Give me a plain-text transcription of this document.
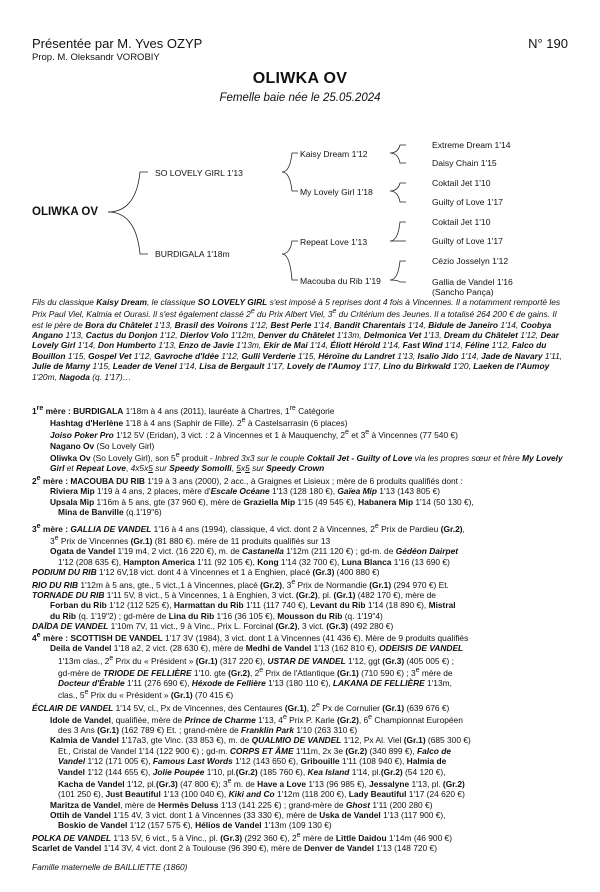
Présentée par M. Yves OZYP
Prop. M. Oleksandr VOROBIY
N° 190
OLIWKA OV
Femelle baie née le 25.05.2024
OLIWKA OV
SO LOVELY GIRL 1'13
BURDIGALA 1'18m
Kaisy Dream 1'12
My Lovely Girl 1'18
Repeat Love 1'13
Macouba du Rib 1'19
Extreme Dream 1'14
Daisy Chain 1'15
Coktail Jet 1'10
Guilty of Love 1'17
Coktail Jet 1'10
Guilty of Love 1'17
Cézio Josselyn 1'12
Gallia de Vandel 1'16
(Sancho Pança)

Fils du classique Kaisy Dream, le classique SO LOVELY GIRL s'est imposé à 5 reprises dont 4 fois à Vincennes. Il a notamment remporté les Prix Paul Viel, Kalmia et Ourasi. Il s'est également classé 2e du Prix Albert Viel, 3e du Critérium des Jeunes. Il a totalisé 264 200 € de gains. Il est le père de Bora du Châtelet 1'13, Brasil des Voirons 1'12, Best Perle 1'14, Bandit Charentais 1'14, Bidule de Janeiro 1'14, Coobya Angano 1'13, Cactus du Donjon 1'12, Dierlov Volo 1'12m, Denver du Châtelet 1'13m, Delmonica Vet 1'13, Dream du Châtelet 1'12, Dear Lovely Girl 1'14, Don Humberto 1'13, Enzo de Javie 1'13m, Ekir de Mai 1'14, Éliott Hérold 1'14, Fast Wind 1'14, Féline 1'12, Falco du Bouillon 1'15, Gospel Vet 1'12, Gavroche d'Idée 1'12, Gulli Verderie 1'15, Héroïne du Landret 1'13, Isalio Jido 1'14, Jade de Navary 1'11, Julie de Marny 1'15, Leader de Venel 1'14, Lisa de Bergault 1'17, Lovely de l'Aumoy 1'17, Lino du Birkwald 1'20, Laeken de l'Aumoy 1'20m, Nagoda (q. 1'17)…

1re mère : BURDIGALA 1'18m à 4 ans (2011), lauréate à Chartres, 1re Catégorie

Hashtag d'Herlène 1'18 à 4 ans (Saphir de Fille). 2e à Castelsarrasin (6 places)

Joiso Poker Pro 1'12 5V (Eridan), 3 vict. : 2 à Vincennes et 1 à Mauquenchy, 2e et 3e à Vincennes (77 540 €)

Nagano Ov (So Lovely Girl)

Oliwka Ov (So Lovely Girl), son 5e produit - Inbred 3x3 sur le couple Coktail Jet - Guilty of Love via les propres sœur et frère My Lovely Girl et Repeat Love, 4x5x5 sur Speedy Somolli, 5x5 sur Speedy Crown

2e mère : MACOUBA DU RIB 1'19 à 3 ans (2000), 2 acc., à Graignes et Lisieux ; mère de 6 produits qualifiés dont :

Riviera Mip 1'19 à 4 ans, 2 places, mère d'Escale Océane 1'13 (128 180 €), Gaïea Mip 1'13 (143 805 €)

Upsala Mip 1'16m à 5 ans, gte (37 960 €), mère de Graziella Mip 1'15 (49 545 €), Habanera Mip 1'14 (50 130 €),

Mina de Banville (q.1'19"6)

3e mère : GALLIA DE VANDEL 1'16 à 4 ans (1994), classique, 4 vict. dont 2 à Vincennes, 2e Prix de Pardieu (Gr.2),

3e Prix de Vincennes (Gr.1) (81 880 €). mère de 11 produits qualifiés sur 13

Ogata de Vandel 1'19 m4, 2 vict. (16 220 €), m. de Castanella 1'12m (211 120 €) ; gd-m. de Gédéon Dairpet

1'12 (208 635 €), Hampton America 1'11 (92 105 €), Kong 1'14 (32 700 €), Luna Blanca 1'16 (13 690 €)

PODIUM DU RIB 1'12 6V,18 vict. dont 4 à Vincennes et 1 à Enghien, placé (Gr.3) (400 880 €)

RIO DU RIB 1'12m à 5 ans, gte., 5 vict.,1 à Vincennes, placé (Gr.2), 3e Prix de Normandie (Gr.1) (294 970 €) Et.

TORNADE DU RIB 1'11 5V, 8 vict., 5 à Vincennes, 1 à Enghien, 3 vict. (Gr.2), pl. (Gr.1) (482 170 €), mère de

Forban du Rib 1'12 (112 525 €), Harmattan du Rib 1'11 (117 740 €), Levant du Rib 1'14 (18 890 €), Mistral

du Rib (q. 1'19"2) ; gd-mère de Lina du Rib 1'16 (36 105 €), Mousson du Rib (q. 1'19"4)

DAÏDA DE VANDEL 1'10m 7V, 11 vict., 9 à Vinc., Prix L. Forcinal (Gr.2), 3 vict. (Gr.3) (492 280 €)

4e mère : SCOTTISH DE VANDEL 1'17 3V (1984), 3 vict. dont 1 à Vincennes (41 436 €). Mère de 9 produits qualifiés

Deila de Vandel 1'18 a2, 2 vict. (28 630 €), mère de Medhi de Vandel 1'13 (162 810 €), ODEISIS DE VANDEL

1'13m clas., 2e Prix du « Président » (Gr.1) (317 220 €), USTAR DE VANDEL 1'12, ggt (Gr.3) (405 005 €) ;

gd-mère de TRIODE DE FELLIÈRE 1'10. gte (Gr.2), 2e Prix de l'Atlantique (Gr.1) (710 590 €) ; 3e mère de

Docteur d'Érable 1'11 (276 690 €), Héxode de Fellière 1'13 (180 110 €), LAKANA DE FELLIÈRE 1'13m,

clas., 5e Prix du « Président » (Gr.1) (70 415 €)

ÉCLAIR DE VANDEL 1'14 5V, cl., Px de Vincennes, des Centaures (Gr.1), 2e Px de Cornulier (Gr.1) (639 676 €)

Idole de Vandel, qualifiée, mère de Prince de Charme 1'13, 4e Prix P. Karle (Gr.2), 6e Championnat Européen

des 3 Ans (Gr.1) (162 789 €) Et. ; grand-mère de Franklin Park 1'10 (263 310 €)

Kalmia de Vandel 1'17a3, gte Vinc. (33 853 €), m. de QUALMIO DE VANDEL 1'12, Px Al. Viel (Gr.1) (685 300 €)

Et., Cristal de Vandel 1'14 (122 900 €) ; gd-m. CORPS ET ÂME 1'11m, 2x 3e (Gr.2) (340 899 €), Falco de

Vandel 1'12 (171 005 €), Famous Last Words 1'12 (143 650 €), Gribouille 1'11 (108 940 €), Halmia de

Vandel 1'12 (144 655 €), Jolie Poupée 1'10, pl.(Gr.2) (185 760 €), Kea Island 1'14, pl.(Gr.2) (54 120 €),

Kacha de Vandel 1'12, pl.(Gr.3) (47 800 €); 3e m. de Have a Love 1'13 (96 985 €), Jessalyne 1'13, pl. (Gr.2)

(101 250 €), Just Beautiful 1'13 (100 040 €), Kiki and Co 1'12m (118 200 €), Lady Beautiful 1'17 (24 620 €)

Maritza de Vandel, mère de Hermès Deluss 1'13 (141 225 €) ; grand-mère de Ghost 1'11 (200 280 €)

Ottih de Vandel 1'15 4V, 3 vict. dont 1 à Vincennes (33 330 €), mère de Uska de Vandel 1'13 (117 900 €),

Boskio de Vandel 1'12 (157 575 €), Hélios de Vandel 1'13m (109 130 €)

POLKA DE VANDEL 1'13 5V, 6 vict., 5 à Vinc., pl. (Gr.3) (292 360 €), 2e mère de Little Daidou 1'14m (46 900 €)

Scarlet de Vandel 1'14 3V, 4 vict. dont 2 à Toulouse (96 390 €), mère de Denver de Vandel 1'13 (148 720 €)

Famille maternelle de BAILLIETTE (1860)
